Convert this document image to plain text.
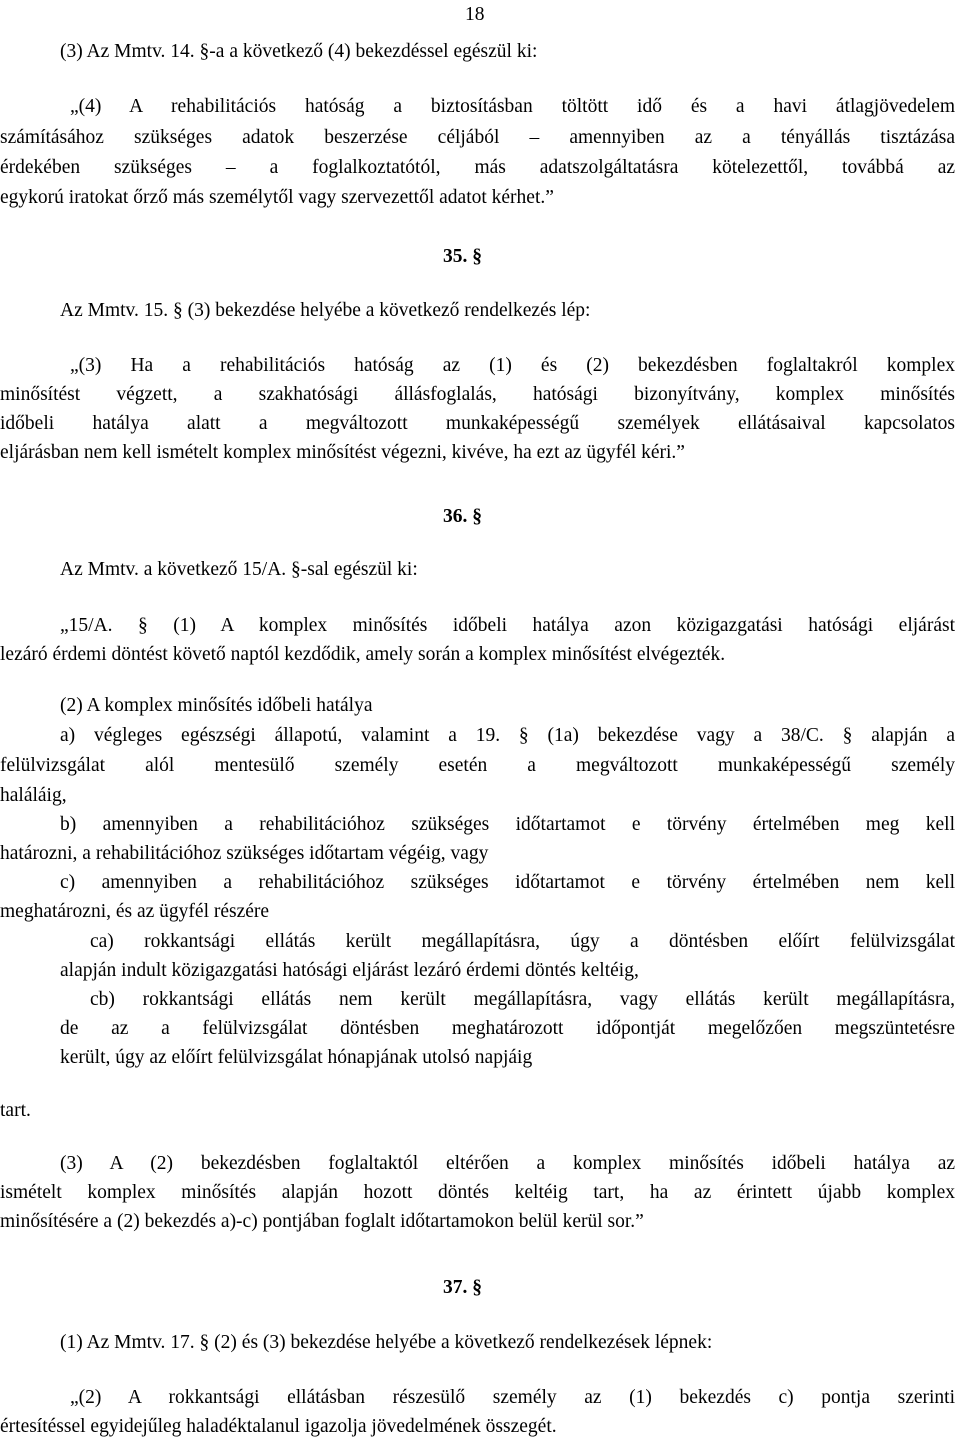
18
(3) Az Mmtv. 14. §-a a következő (4) bekezdéssel egészül ki:
„(4) A rehabilitációs hatóság a biztosításban töltött idő és a havi átlagjövedelem
számításához szükséges adatok beszerzése céljából – amennyiben az a tényállás tisztázása
érdekében szükséges – a foglalkoztatótól, más adatszolgáltatásra kötelezettől, továbbá az
egykorú iratokat őrző más személytől vagy szervezettől adatot kérhet.”
35. §
Az Mmtv. 15. § (3) bekezdése helyébe a következő rendelkezés lép:
„(3) Ha a rehabilitációs hatóság az (1) és (2) bekezdésben foglaltakról komplex
minősítést végzett, a szakhatósági állásfoglalás, hatósági bizonyítvány, komplex minősítés
időbeli hatálya alatt a megváltozott munkaképességű személyek ellátásaival kapcsolatos
eljárásban nem kell ismételt komplex minősítést végezni, kivéve, ha ezt az ügyfél kéri.”
36. §
Az Mmtv. a következő 15/A. §-sal egészül ki:
„15/A. § (1) A komplex minősítés időbeli hatálya azon közigazgatási hatósági eljárást
lezáró érdemi döntést követő naptól kezdődik, amely során a komplex minősítést elvégezték.
(2) A komplex minősítés időbeli hatálya
a) végleges egészségi állapotú, valamint a 19. § (1a) bekezdése vagy a 38/C. § alapján a
felülvizsgálat alól mentesülő személy esetén a megváltozott munkaképességű személy
haláláig,
b) amennyiben a rehabilitációhoz szükséges időtartamot e törvény értelmében meg kell
határozni, a rehabilitációhoz szükséges időtartam végéig, vagy
c) amennyiben a rehabilitációhoz szükséges időtartamot e törvény értelmében nem kell
meghatározni, és az ügyfél részére
ca) rokkantsági ellátás került megállapításra, úgy a döntésben előírt felülvizsgálat
alapján indult közigazgatási hatósági eljárást lezáró érdemi döntés keltéig,
cb) rokkantsági ellátás nem került megállapításra, vagy ellátás került megállapításra,
de az a felülvizsgálat döntésben meghatározott időpontját megelőzően megszüntetésre
került, úgy az előírt felülvizsgálat hónapjának utolsó napjáig
tart.
(3) A (2) bekezdésben foglaltaktól eltérően a komplex minősítés időbeli hatálya az
ismételt komplex minősítés alapján hozott döntés keltéig tart, ha az érintett újabb komplex
minősítésére a (2) bekezdés a)-c) pontjában foglalt időtartamokon belül kerül sor.”
37. §
(1) Az Mmtv. 17. § (2) és (3) bekezdése helyébe a következő rendelkezések lépnek:
„(2) A rokkantsági ellátásban részesülő személy az (1) bekezdés c) pontja szerinti
értesítéssel egyidejűleg haladéktalanul igazolja jövedelmének összegét.
